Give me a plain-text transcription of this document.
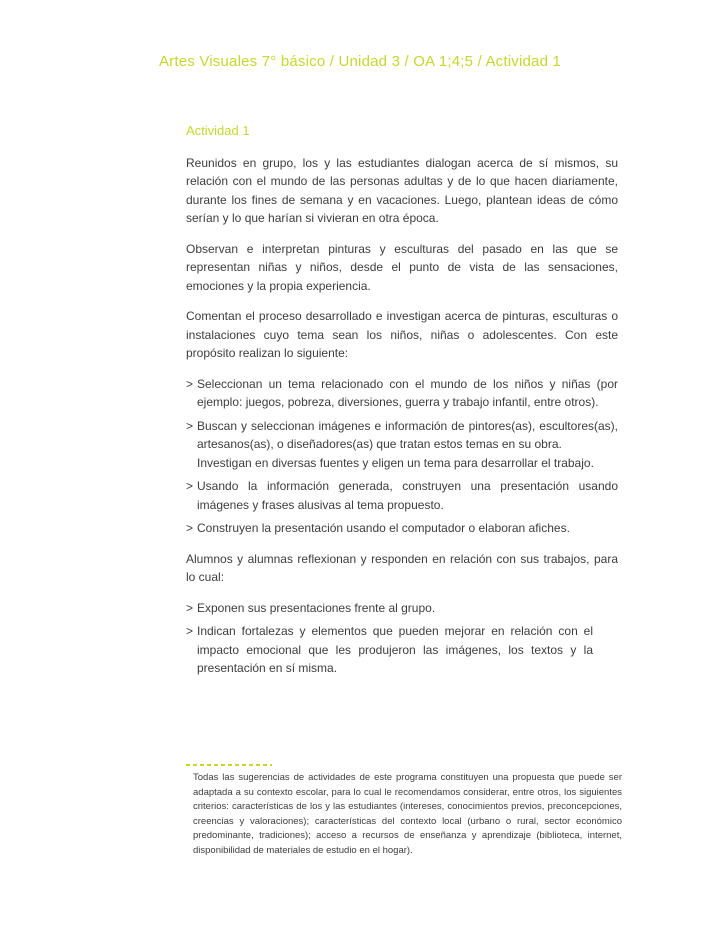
Artes Visuales 7° básico / Unidad 3 / OA 1;4;5 / Actividad 1
Actividad 1

Reunidos en grupo, los y las estudiantes dialogan acerca de sí mismos, su relación con el mundo de las personas adultas y de lo que hacen diariamente, durante los fines de semana y en vacaciones. Luego, plantean ideas de cómo serían y lo que harían si vivieran en otra época.

Observan e interpretan pinturas y esculturas del pasado en las que se representan niñas y niños, desde el punto de vista de las sensaciones, emociones y la propia experiencia.

Comentan el proceso desarrollado e investigan acerca de pinturas, esculturas o instalaciones cuyo tema sean los niños, niñas o adolescentes. Con este propósito realizan lo siguiente:

> Seleccionan un tema relacionado con el mundo de los niños y niñas (por ejemplo: juegos, pobreza, diversiones, guerra y trabajo infantil, entre otros).
> Buscan y seleccionan imágenes e información de pintores(as), escultores(as), artesanos(as), o diseñadores(as) que tratan estos temas en su obra.
Investigan en diversas fuentes y eligen un tema para desarrollar el trabajo.
> Usando la información generada, construyen una presentación usando imágenes y frases alusivas al tema propuesto.
> Construyen la presentación usando el computador o elaboran afiches.

Alumnos y alumnas reflexionan y responden en relación con sus trabajos, para lo cual:

> Exponen sus presentaciones frente al grupo.
> Indican fortalezas y elementos que pueden mejorar en relación con el impacto emocional que les produjeron las imágenes, los textos y la presentación en sí misma.
Todas las sugerencias de actividades de este programa constituyen una propuesta que puede ser adaptada a su contexto escolar, para lo cual le recomendamos considerar, entre otros, los siguientes criterios: características de los y las estudiantes (intereses, conocimientos previos, preconcepciones, creencias y valoraciones); características del contexto local (urbano o rural, sector económico predominante, tradiciones); acceso a recursos de enseñanza y aprendizaje (biblioteca, internet, disponibilidad de materiales de estudio en el hogar).
